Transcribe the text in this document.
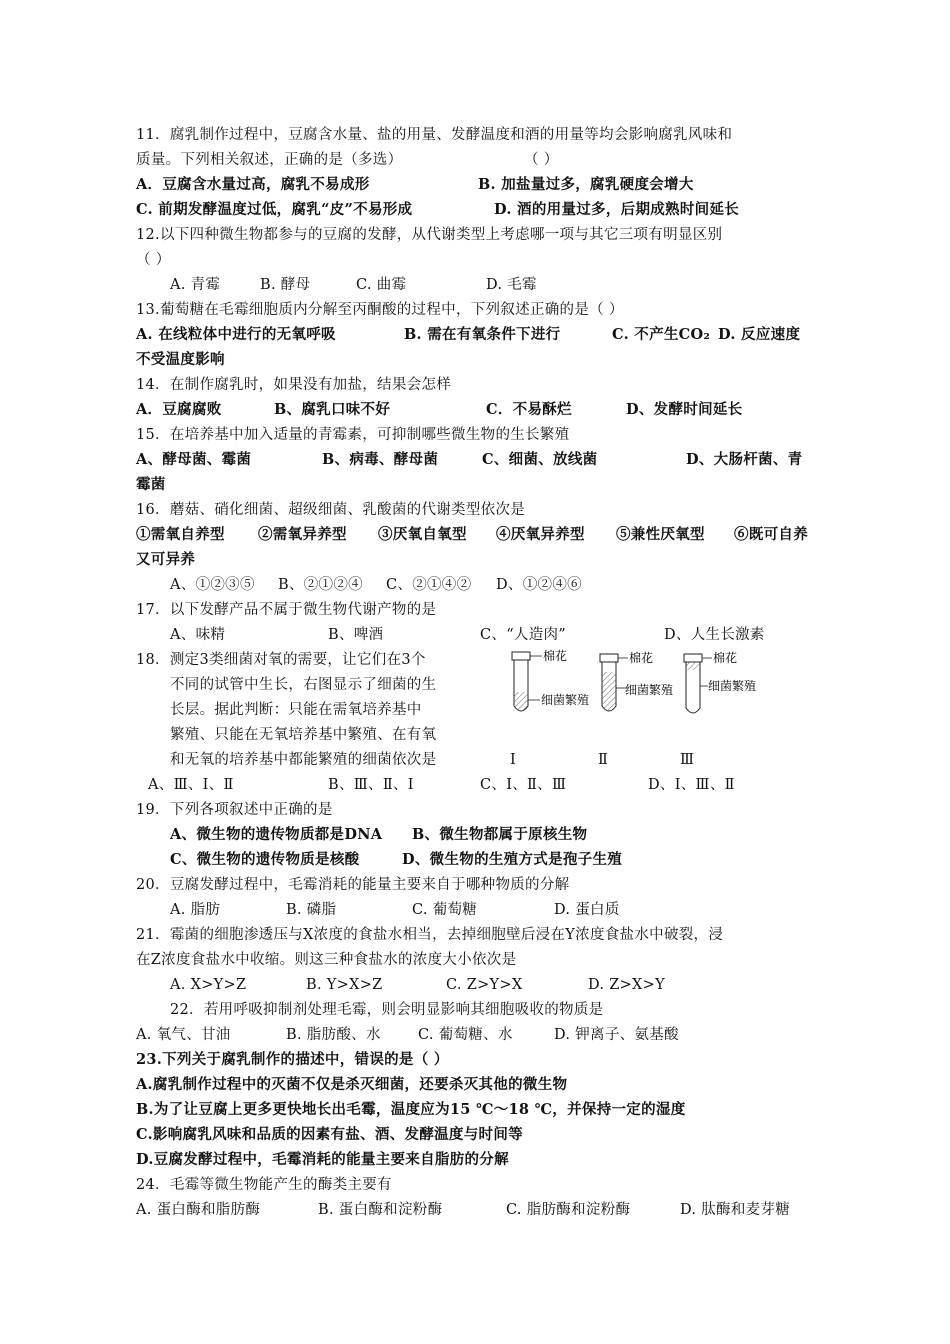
11．腐乳制作过程中，豆腐含水量、盐的用量、发酵温度和酒的用量等均会影响腐乳风味和
质量。下列相关叙述，正确的是（多选）	（ ）
A．豆腐含水量过高，腐乳不易成形	B. 加盐量过多，腐乳硬度会增大
C. 前期发酵温度过低，腐乳“皮”不易形成	D. 酒的用量过多，后期成熟时间延长
12.以下四种微生物都参与的豆腐的发酵，从代谢类型上考虑哪一项与其它三项有明显区别
（ ）
A. 青霉	B. 酵母	C. 曲霉	D. 毛霉
13.葡萄糖在毛霉细胞质内分解至丙酮酸的过程中，下列叙述正确的是（ ）
A. 在线粒体中进行的无氧呼吸	B. 需在有氧条件下进行	C. 不产生CO₂ D. 反应速度
不受温度影响
14．在制作腐乳时，如果没有加盐，结果会怎样
A．豆腐腐败	B、腐乳口味不好	C．不易酥烂	D、发酵时间延长
15．在培养基中加入适量的青霉素，可抑制哪些微生物的生长繁殖
A、酵母菌、霉菌	B、病毒、酵母菌	C、细菌、放线菌	D、大肠杆菌、青
霉菌
16．蘑菇、硝化细菌、超级细菌、乳酸菌的代谢类型依次是
①需氧自养型 ②需氧异养型 ③厌氧自氧型 ④厌氧异养型 ⑤兼性厌氧型 ⑥既可自养
又可异养
A、①②③⑤ B、②①②④ C、②①④② D、①②④⑥
17．以下发酵产品不属于微生物代谢产物的是
A、味精	B、啤酒	C、“人造肉”	D、人生长激素
18．测定3类细菌对氧的需要，让它们在3个
不同的试管中生长，右图显示了细菌的生
长层。据此判断：只能在需氧培养基中
繁殖、只能在无氧培养基中繁殖、在有氧
和无氧的培养基中都能繁殖的细菌依次是	Ⅰ	Ⅱ	Ⅲ
A、Ⅲ、Ⅰ、Ⅱ	B、Ⅲ、Ⅱ、Ⅰ	C、Ⅰ、Ⅱ、Ⅲ	D、Ⅰ、Ⅲ、Ⅱ
棉花
细菌繁殖
棉花
细菌繁殖
棉花
细菌繁殖
19．下列各项叙述中正确的是
A、微生物的遗传物质都是DNA B、微生物都属于原核生物
C、微生物的遗传物质是核酸	D、微生物的生殖方式是孢子生殖
20．豆腐发酵过程中，毛霉消耗的能量主要来自于哪种物质的分解
A. 脂肪	B. 磷脂	C. 葡萄糖	D. 蛋白质
21．霉菌的细胞渗透压与X浓度的食盐水相当，去掉细胞壁后浸在Y浓度食盐水中破裂，浸
在Z浓度食盐水中收缩。则这三种食盐水的浓度大小依次是
A. X>Y>Z	B. Y>X>Z	C. Z>Y>X	D. Z>X>Y
22．若用呼吸抑制剂处理毛霉，则会明显影响其细胞吸收的物质是
A. 氧气、甘油	B. 脂肪酸、水	C. 葡萄糖、水	D. 钾离子、氨基酸
23.下列关于腐乳制作的描述中，错误的是（ ）
A.腐乳制作过程中的灭菌不仅是杀灭细菌，还要杀灭其他的微生物
B.为了让豆腐上更多更快地长出毛霉，温度应为15 ℃～18 ℃，并保持一定的湿度
C.影响腐乳风味和品质的因素有盐、酒、发酵温度与时间等
D.豆腐发酵过程中，毛霉消耗的能量主要来自脂肪的分解
24．毛霉等微生物能产生的酶类主要有
A. 蛋白酶和脂肪酶	B. 蛋白酶和淀粉酶	C. 脂肪酶和淀粉酶	D. 肽酶和麦芽糖
